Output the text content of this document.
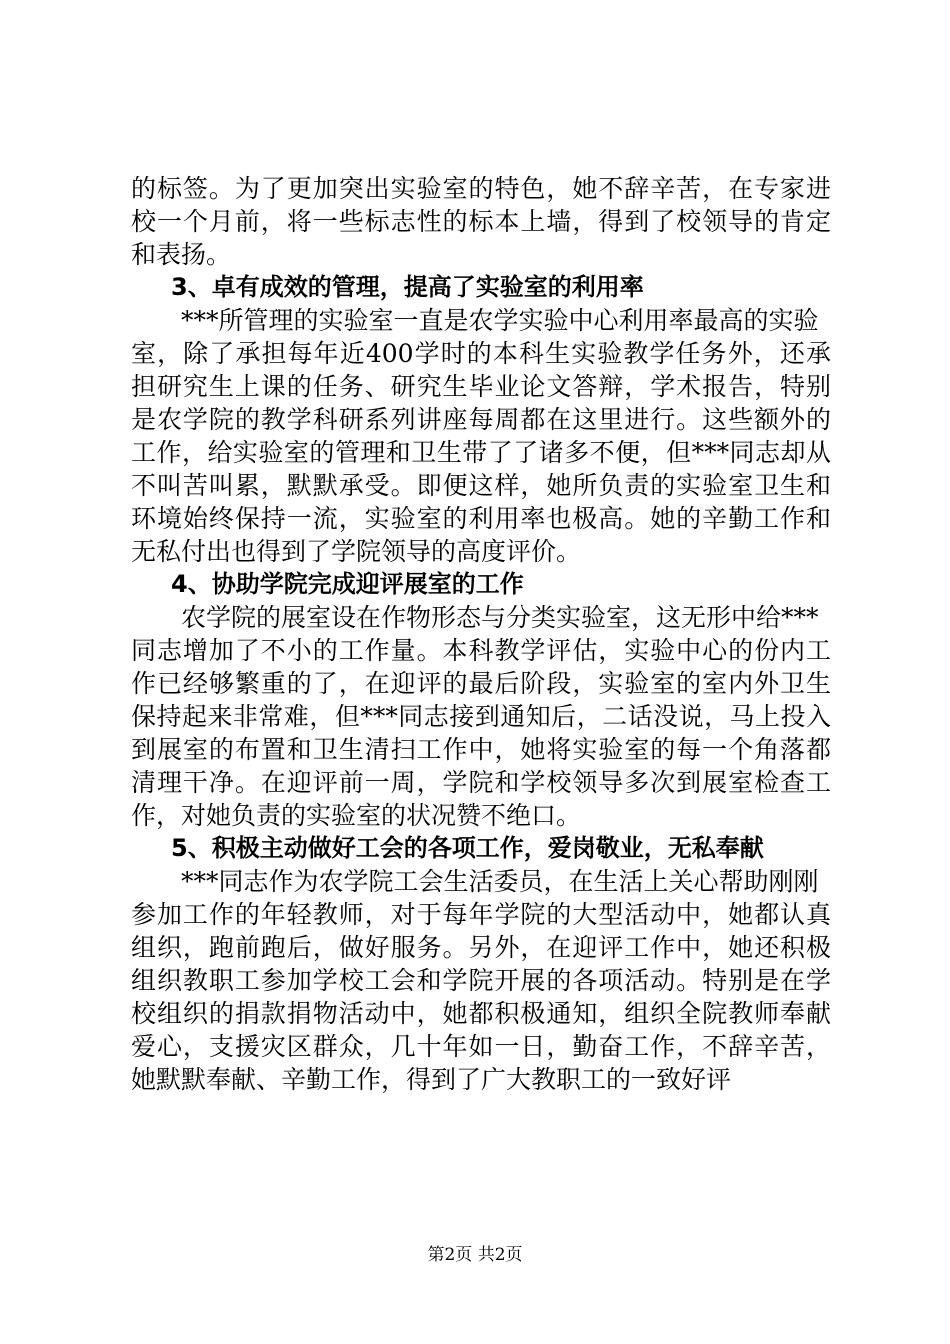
的标签。为了更加突出实验室的特色，她不辞辛苦，在专家进
校一个月前，将一些标志性的标本上墙，得到了校领导的肯定
和表扬。
3、卓有成效的管理，提高了实验室的利用率
***所管理的实验室一直是农学实验中心利用率最高的实验
室，除了承担每年近400学时的本科生实验教学任务外，还承
担研究生上课的任务、研究生毕业论文答辩，学术报告，特别
是农学院的教学科研系列讲座每周都在这里进行。这些额外的
工作，给实验室的管理和卫生带了了诸多不便，但***同志却从
不叫苦叫累，默默承受。即便这样，她所负责的实验室卫生和
环境始终保持一流，实验室的利用率也极高。她的辛勤工作和
无私付出也得到了学院领导的高度评价。
4、协助学院完成迎评展室的工作
农学院的展室设在作物形态与分类实验室，这无形中给***
同志增加了不小的工作量。本科教学评估，实验中心的份内工
作已经够繁重的了，在迎评的最后阶段，实验室的室内外卫生
保持起来非常难，但***同志接到通知后，二话没说，马上投入
到展室的布置和卫生清扫工作中，她将实验室的每一个角落都
清理干净。在迎评前一周，学院和学校领导多次到展室检查工
作，对她负责的实验室的状况赞不绝口。
5、积极主动做好工会的各项工作，爱岗敬业，无私奉献
***同志作为农学院工会生活委员，在生活上关心帮助刚刚
参加工作的年轻教师，对于每年学院的大型活动中，她都认真
组织，跑前跑后，做好服务。另外，在迎评工作中，她还积极
组织教职工参加学校工会和学院开展的各项活动。特别是在学
校组织的捐款捐物活动中，她都积极通知，组织全院教师奉献
爱心，支援灾区群众，几十年如一日，勤奋工作，不辞辛苦，
她默默奉献、辛勤工作，得到了广大教职工的一致好评
第2页 共2页
